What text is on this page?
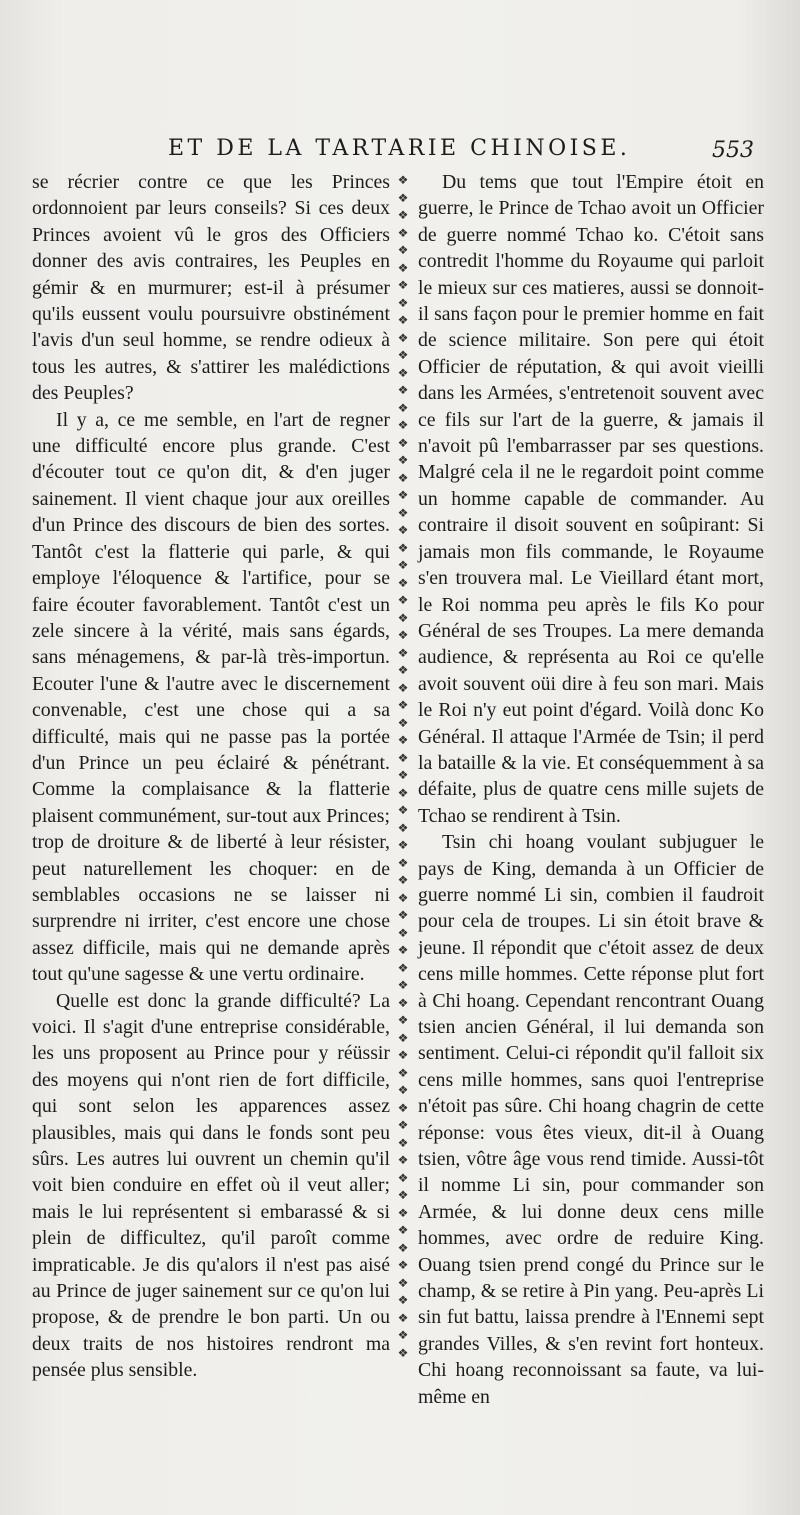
ET DE LA TARTARIE CHINOISE.	553

se récrier contre ce que les Princes ordonnoient par leurs conseils? Si ces deux Princes avoient vû le gros des Officiers donner des avis contraires, les Peuples en gémir & en murmurer; est-il à présumer qu'ils eussent voulu poursuivre obstinément l'avis d'un seul homme, se rendre odieux à tous les autres, & s'attirer les malédictions des Peuples?

Il y a, ce me semble, en l'art de regner une difficulté encore plus grande. C'est d'écouter tout ce qu'on dit, & d'en juger sainement. Il vient chaque jour aux oreilles d'un Prince des discours de bien des sortes. Tantôt c'est la flatterie qui parle, & qui employe l'éloquence & l'artifice, pour se faire écouter favorablement. Tantôt c'est un zele sincere à la vérité, mais sans égards, sans ménagemens, & par-là très-importun. Ecouter l'une & l'autre avec le discernement convenable, c'est une chose qui a sa difficulté, mais qui ne passe pas la portée d'un Prince un peu éclairé & pénétrant. Comme la complaisance & la flatterie plaisent communément, sur-tout aux Princes; trop de droiture & de liberté à leur résister, peut naturellement les choquer: en de semblables occasions ne se laisser ni surprendre ni irriter, c'est encore une chose assez difficile, mais qui ne demande après tout qu'une sagesse & une vertu ordinaire.

Quelle est donc la grande difficulté? La voici. Il s'agit d'une entreprise considérable, les uns proposent au Prince pour y réüssir des moyens qui n'ont rien de fort difficile, qui sont selon les apparences assez plausibles, mais qui dans le fonds sont peu sûrs. Les autres lui ouvrent un chemin qu'il voit bien conduire en effet où il veut aller; mais le lui représentent si embarassé & si plein de difficultez, qu'il paroît comme impraticable. Je dis qu'alors il n'est pas aisé au Prince de juger sainement sur ce qu'on lui propose, & de prendre le bon parti. Un ou deux traits de nos histoires rendront ma pensée plus sensible.

❖
❖
❖
❖
❖
❖
❖
❖
❖
❖
❖
❖
❖
❖
❖
❖
❖
❖
❖
❖
❖
❖
❖
❖
❖
❖
❖
❖
❖
❖
❖
❖
❖
❖
❖
❖
❖
❖
❖
❖
❖
❖
❖
❖
❖
❖
❖
❖
❖
❖
❖
❖
❖
❖
❖
❖
❖
❖
❖
❖
❖
❖
❖
❖
❖
❖
❖
❖

Du tems que tout l'Empire étoit en guerre, le Prince de Tchao avoit un Officier de guerre nommé Tchao ko. C'étoit sans contredit l'homme du Royaume qui parloit le mieux sur ces matieres, aussi se donnoit-il sans façon pour le premier homme en fait de science militaire. Son pere qui étoit Officier de réputation, & qui avoit vieilli dans les Armées, s'entretenoit souvent avec ce fils sur l'art de la guerre, & jamais il n'avoit pû l'embarrasser par ses questions. Malgré cela il ne le regardoit point comme un homme capable de commander. Au contraire il disoit souvent en soûpirant: Si jamais mon fils commande, le Royaume s'en trouvera mal. Le Vieillard étant mort, le Roi nomma peu après le fils Ko pour Général de ses Troupes. La mere demanda audience, & représenta au Roi ce qu'elle avoit souvent oüi dire à feu son mari. Mais le Roi n'y eut point d'égard. Voilà donc Ko Général. Il attaque l'Armée de Tsin; il perd la bataille & la vie. Et conséquemment à sa défaite, plus de quatre cens mille sujets de Tchao se rendirent à Tsin.

Tsin chi hoang voulant subjuguer le pays de King, demanda à un Officier de guerre nommé Li sin, combien il faudroit pour cela de troupes. Li sin étoit brave & jeune. Il répondit que c'étoit assez de deux cens mille hommes. Cette réponse plut fort à Chi hoang. Cependant rencontrant Ouang tsien ancien Général, il lui demanda son sentiment. Celui-ci répondit qu'il falloit six cens mille hommes, sans quoi l'entreprise n'étoit pas sûre. Chi hoang chagrin de cette réponse: vous êtes vieux, dit-il à Ouang tsien, vôtre âge vous rend timide. Aussi-tôt il nomme Li sin, pour commander son Armée, & lui donne deux cens mille hommes, avec ordre de reduire King. Ouang tsien prend congé du Prince sur le champ, & se retire à Pin yang. Peu-après Li sin fut battu, laissa prendre à l'Ennemi sept grandes Villes, & s'en revint fort honteux. Chi hoang reconnoissant sa faute, va lui-même en
